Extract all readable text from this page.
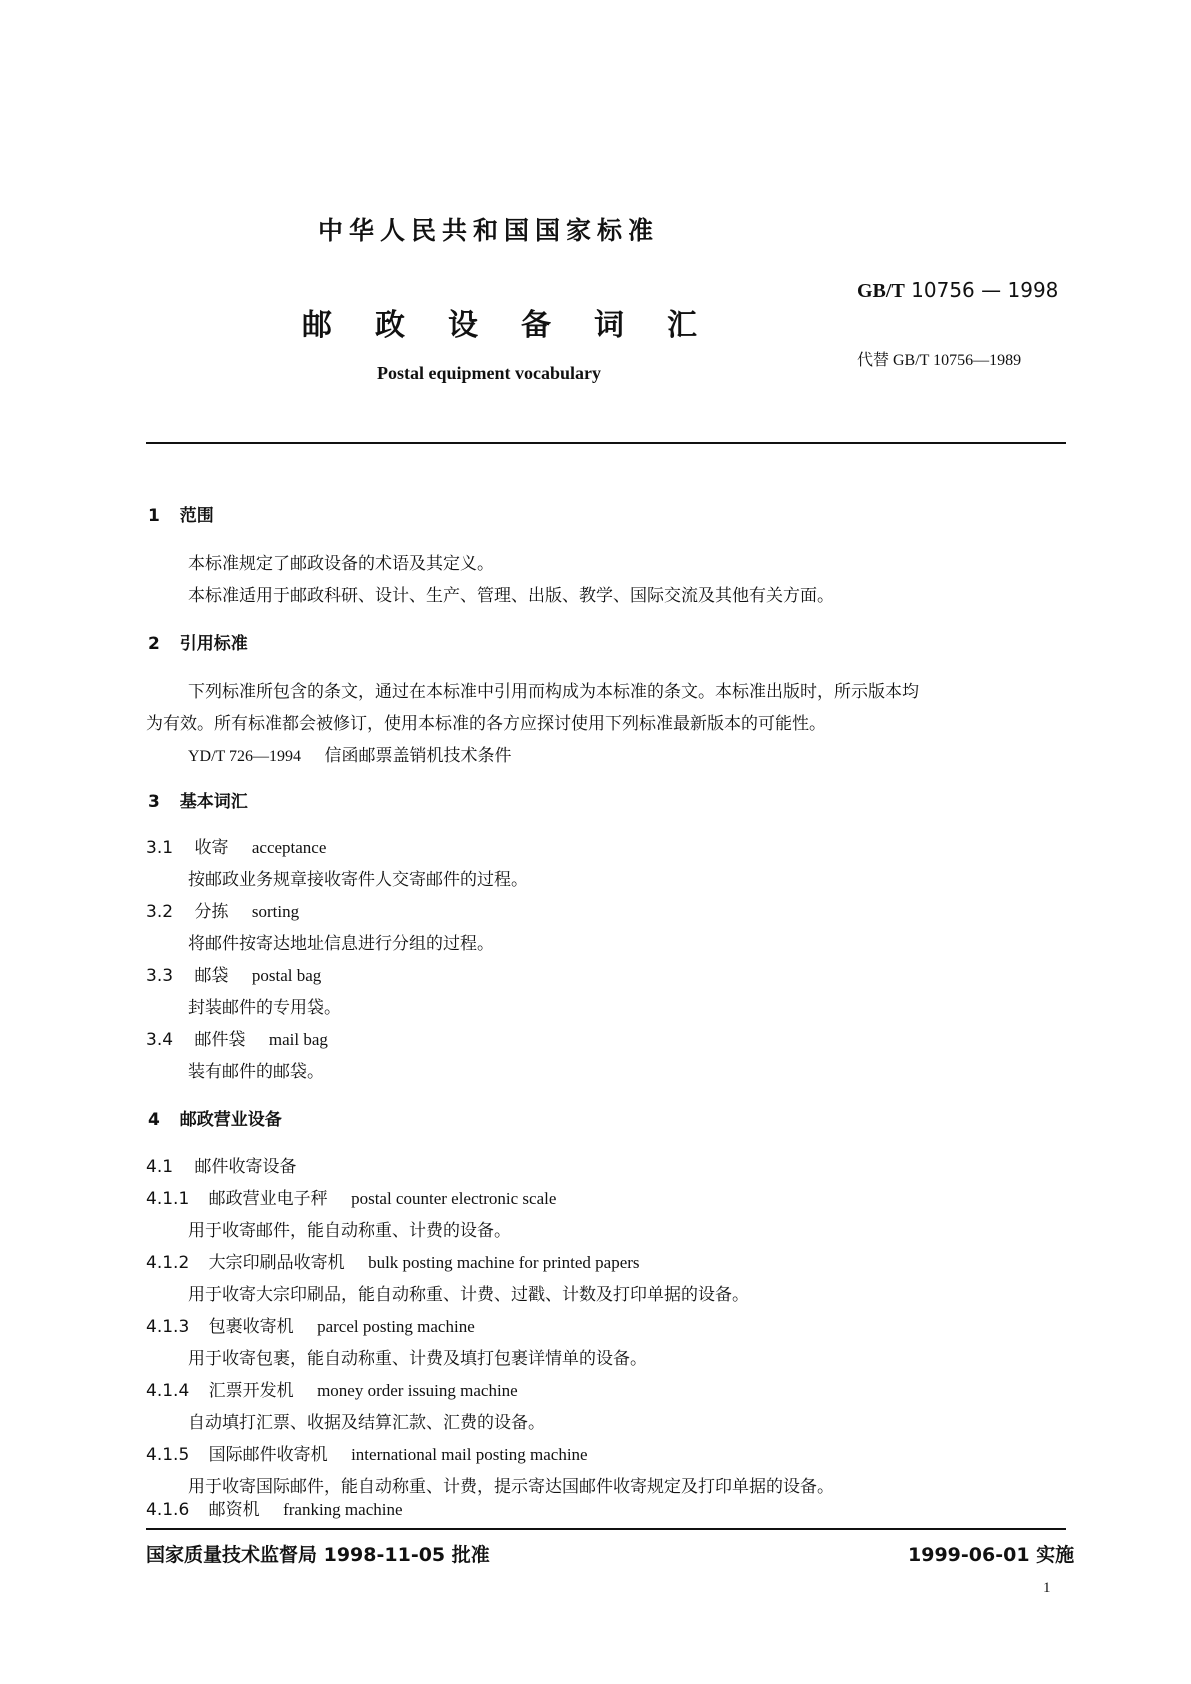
中华人民共和国国家标准
邮政设备词汇
Postal equipment vocabulary
GB/T 10756 — 1998
代替 GB/T 10756—1989
1 范围
本标准规定了邮政设备的术语及其定义。
本标准适用于邮政科研、设计、生产、管理、出版、教学、国际交流及其他有关方面。
2 引用标准
下列标准所包含的条文，通过在本标准中引用而构成为本标准的条文。本标准出版时，所示版本均
为有效。所有标准都会被修订，使用本标准的各方应探讨使用下列标准最新版本的可能性。
YD/T 726—1994 信函邮票盖销机技术条件
3 基本词汇
3.1 收寄 acceptance
按邮政业务规章接收寄件人交寄邮件的过程。
3.2 分拣 sorting
将邮件按寄达地址信息进行分组的过程。
3.3 邮袋 postal bag
封装邮件的专用袋。
3.4 邮件袋 mail bag
装有邮件的邮袋。
4 邮政营业设备
4.1 邮件收寄设备
4.1.1 邮政营业电子秤 postal counter electronic scale
用于收寄邮件，能自动称重、计费的设备。
4.1.2 大宗印刷品收寄机 bulk posting machine for printed papers
用于收寄大宗印刷品，能自动称重、计费、过戳、计数及打印单据的设备。
4.1.3 包裹收寄机 parcel posting machine
用于收寄包裹，能自动称重、计费及填打包裹详情单的设备。
4.1.4 汇票开发机 money order issuing machine
自动填打汇票、收据及结算汇款、汇费的设备。
4.1.5 国际邮件收寄机 international mail posting machine
用于收寄国际邮件，能自动称重、计费，提示寄达国邮件收寄规定及打印单据的设备。
4.1.6 邮资机 franking machine
国家质量技术监督局 1998-11-05 批准	1999-06-01 实施
1
